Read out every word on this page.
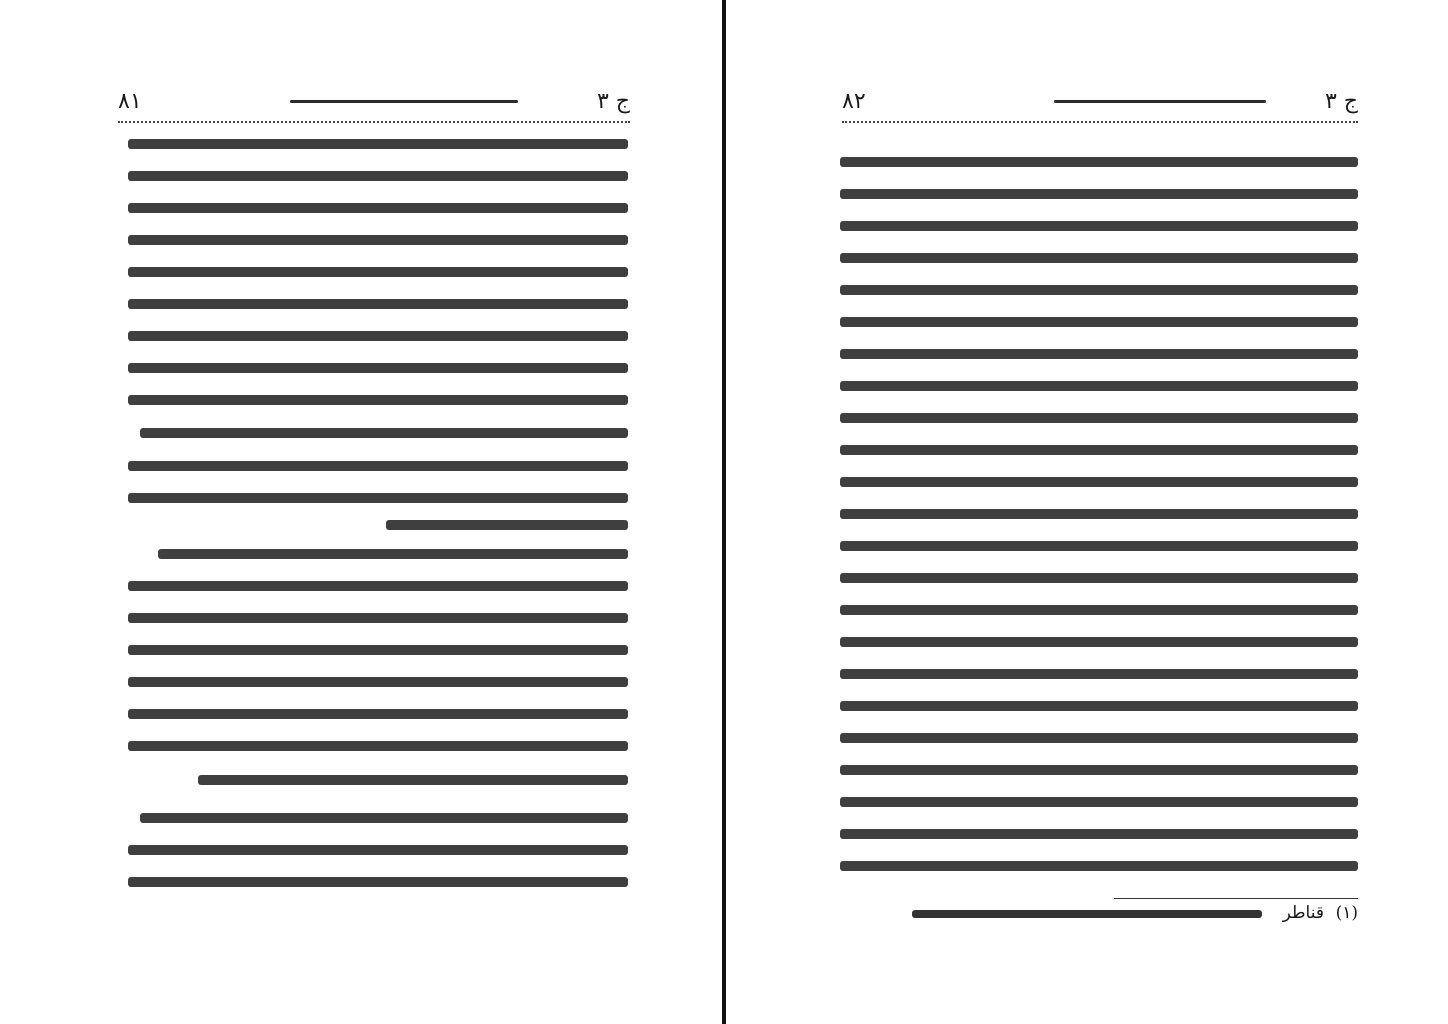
ج ۳
۸۱	ج ۳
۸۲
(۱)
قناطر
